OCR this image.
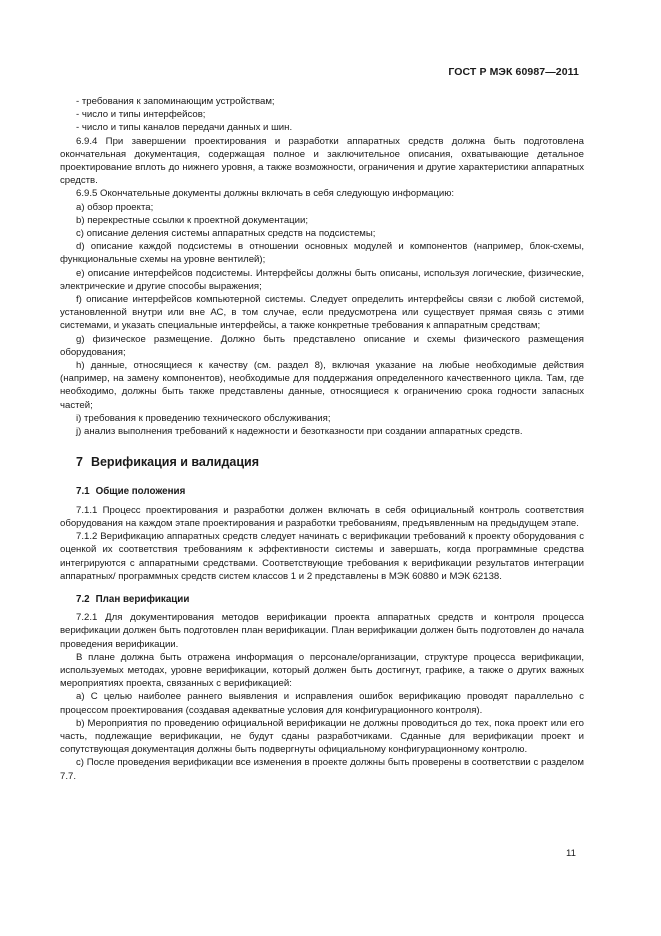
ГОСТ Р МЭК 60987—2011

- требования к запоминающим устройствам;

- число и типы интерфейсов;

- число и типы каналов передачи данных и шин.

6.9.4 При завершении проектирования и разработки аппаратных средств должна быть подготовлена окончательная документация, содержащая полное и заключительное описания, охватывающие детальное проектирование вплоть до нижнего уровня, а также возможности, ограничения и другие характеристики аппаратных средств.

6.9.5 Окончательные документы должны включать в себя следующую информацию:

a) обзор проекта;

b) перекрестные ссылки к проектной документации;

c) описание деления системы аппаратных средств на подсистемы;

d) описание каждой подсистемы в отношении основных модулей и компонентов (например, блок-схемы, функциональные схемы на уровне вентилей);

e) описание интерфейсов подсистемы. Интерфейсы должны быть описаны, используя логические, физические, электрические и другие способы выражения;

f) описание интерфейсов компьютерной системы. Следует определить интерфейсы связи с любой системой, установленной внутри или вне АС, в том случае, если предусмотрена или существует прямая связь с этими системами, и указать специальные интерфейсы, а также конкретные требования к аппаратным средствам;

g) физическое размещение. Должно быть представлено описание и схемы физического размещения оборудования;

h) данные, относящиеся к качеству (см. раздел 8), включая указание на любые необходимые действия (например, на замену компонентов), необходимые для поддержания определенного качественного цикла. Там, где необходимо, должны быть также представлены данные, относящиеся к ограничению срока годности запасных частей;

i) требования к проведению технического обслуживания;

j) анализ выполнения требований к надежности и безотказности при создании аппаратных средств.

7 Верификация и валидация
7.1 Общие положения

7.1.1 Процесс проектирования и разработки должен включать в себя официальный контроль соответствия оборудования на каждом этапе проектирования и разработки требованиям, предъявленным на предыдущем этапе.

7.1.2 Верификацию аппаратных средств следует начинать с верификации требований к проекту оборудования с оценкой их соответствия требованиям к эффективности системы и завершать, когда программные средства интегрируются с аппаратными средствами. Соответствующие требования к верификации результатов интеграции аппаратных/ программных средств систем классов 1 и 2 представлены в МЭК 60880 и МЭК 62138.

7.2 План верификации

7.2.1 Для документирования методов верификации проекта аппаратных средств и контроля процесса верификации должен быть подготовлен план верификации. План верификации должен быть подготовлен до начала проведения верификации.

В плане должна быть отражена информация о персонале/организации, структуре процесса верификации, используемых методах, уровне верификации, который должен быть достигнут, графике, а также о других важных мероприятиях проекта, связанных с верификацией:

a) С целью наиболее раннего выявления и исправления ошибок верификацию проводят параллельно с процессом проектирования (создавая адекватные условия для конфигурационного контроля).

b) Мероприятия по проведению официальной верификации не должны проводиться до тех, пока проект или его часть, подлежащие верификации, не будут сданы разработчиками. Сданные для верификации проект и сопутствующая документация должны быть подвергнуты официальному конфигурационному контролю.

c) После проведения верификации все изменения в проекте должны быть проверены в соответствии с разделом 7.7.

11
